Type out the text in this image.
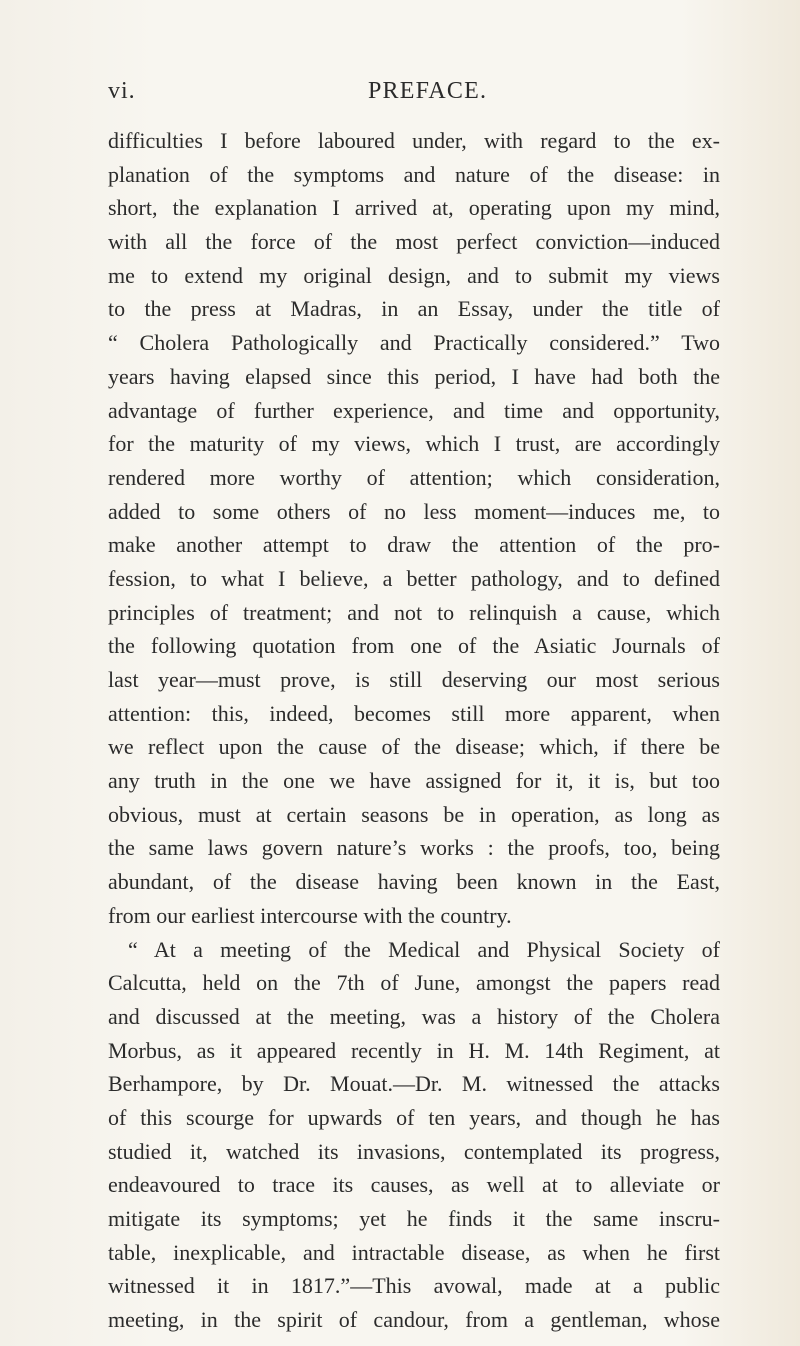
vi.	PREFACE.
difficulties I before laboured under, with regard to the ex-
planation of the symptoms and nature of the disease: in
short, the explanation I arrived at, operating upon my mind,
with all the force of the most perfect conviction—induced
me to extend my original design, and to submit my views
to the press at Madras, in an Essay, under the title of
“ Cholera Pathologically and Practically considered.” Two
years having elapsed since this period, I have had both the
advantage of further experience, and time and opportunity,
for the maturity of my views, which I trust, are accordingly
rendered more worthy of attention; which consideration,
added to some others of no less moment—induces me, to
make another attempt to draw the attention of the pro-
fession, to what I believe, a better pathology, and to defined
principles of treatment; and not to relinquish a cause, which
the following quotation from one of the Asiatic Journals of
last year—must prove, is still deserving our most serious
attention: this, indeed, becomes still more apparent, when
we reflect upon the cause of the disease; which, if there be
any truth in the one we have assigned for it, it is, but too
obvious, must at certain seasons be in operation, as long as
the same laws govern nature’s works : the proofs, too, being
abundant, of the disease having been known in the East,
from our earliest intercourse with the country.
“ At a meeting of the Medical and Physical Society of
Calcutta, held on the 7th of June, amongst the papers read
and discussed at the meeting, was a history of the Cholera
Morbus, as it appeared recently in H. M. 14th Regiment, at
Berhampore, by Dr. Mouat.—Dr. M. witnessed the attacks
of this scourge for upwards of ten years, and though he has
studied it, watched its invasions, contemplated its progress,
endeavoured to trace its causes, as well at to alleviate or
mitigate its symptoms; yet he finds it the same inscru-
table, inexplicable, and intractable disease, as when he first
witnessed it in 1817.”—This avowal, made at a public
meeting, in the spirit of candour, from a gentleman, whose
